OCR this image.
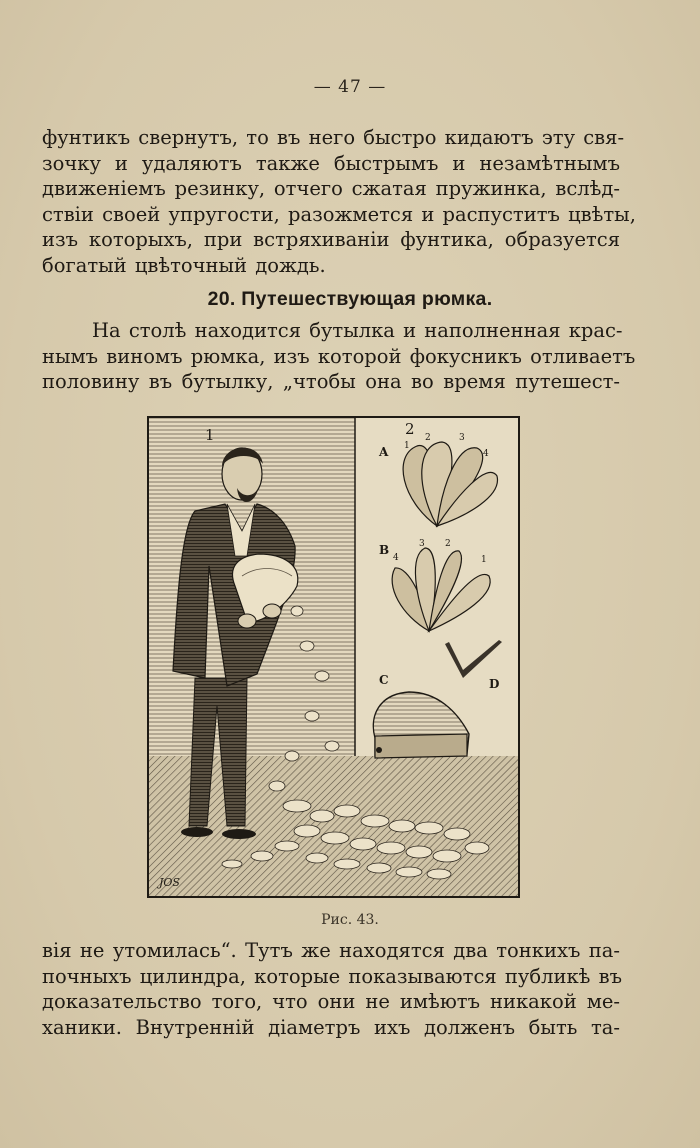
— 47 —

фунтикъ свернутъ, то въ него быстро кидаютъ эту свя-
зочку и удаляютъ также быстрымъ и незамѣтнымъ
движенiемъ резинку, отчего сжатая пружинка, вслѣд-
ствiи своей упругости, разожмется и распуститъ цвѣты,
изъ которыхъ, при встряхиванiи фунтика, образуется
богатый цвѣточный дождь.

20. Путешествующая рюмка.

На столѣ находится бутылка и наполненная крас-
нымъ виномъ рюмка, изъ которой фокусникъ отливаетъ
половину въ бутылку, „чтобы она во время путешест-

1	2
A 1
2	3
4
B
4
3 2
1
D
C
JOS
Рис. 43.

вiя не утомилась“. Тутъ же находятся два тонкихъ па-
почныхъ цилиндра, которые показываются публикѣ въ
доказательство того, что они не имѣютъ никакой ме-
ханики. Внутреннiй дiаметръ ихъ долженъ быть та-
